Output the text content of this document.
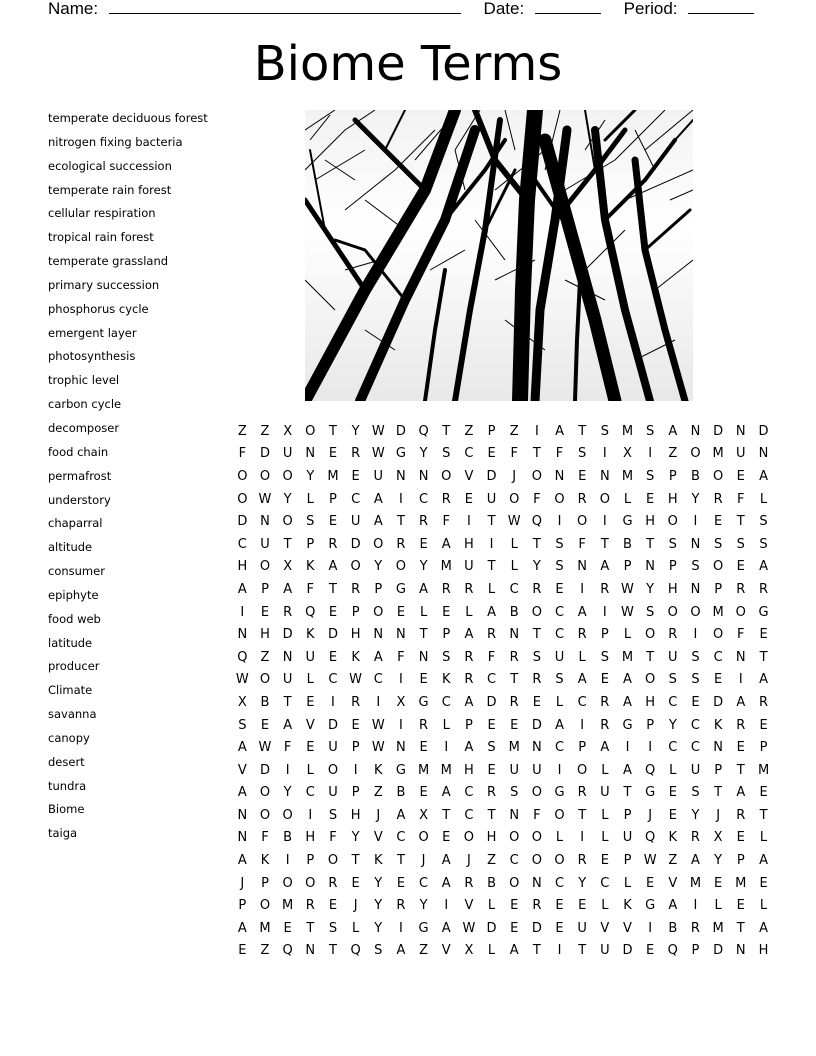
Name:	Date:	Period:
Biome Terms
temperate deciduous forest
nitrogen fixing bacteria
ecological succession
temperate rain forest
cellular respiration
tropical rain forest
temperate grassland
primary succession
phosphorus cycle
emergent layer
photosynthesis
trophic level
carbon cycle
decomposer
food chain
permafrost
understory
chaparral
altitude
consumer
epiphyte
food web
latitude
producer
Climate
savanna
canopy
desert
tundra
Biome
taiga
Z	Z	X	O	T	Y	W	D	Q	T	Z	P	Z	I	A	T	S	M	S	A	N	D	N	D
F	D	U	N	E	R	W	G	Y	S	C	E	F	T	F	S	I	X	I	Z	O	M	U	N
O	O	O	Y	M	E	U	N	N	O	V	D	J	O	N	E	N	M	S	P	B	O	E	A
O	W	Y	L	P	C	A	I	C	R	E	U	O	F	O	R	O	L	E	H	Y	R	F	L
D	N	O	S	E	U	A	T	R	F	I	T	W	Q	I	O	I	G	H	O	I	E	T	S
C	U	T	P	R	D	O	R	E	A	H	I	L	T	S	F	T	B	T	S	N	S	S	S
H	O	X	K	A	O	Y	O	Y	M	U	T	L	Y	S	N	A	P	N	P	S	O	E	A
A	P	A	F	T	R	P	G	A	R	R	L	C	R	E	I	R	W	Y	H	N	P	R	R
I	E	R	Q	E	P	O	E	L	E	L	A	B	O	C	A	I	W	S	O	O	M	O	G
N	H	D	K	D	H	N	N	T	P	A	R	N	T	C	R	P	L	O	R	I	O	F	E
Q	Z	N	U	E	K	A	F	N	S	R	F	R	S	U	L	S	M	T	U	S	C	N	T
W	O	U	L	C	W	C	I	E	K	R	C	T	R	S	A	E	A	O	S	S	E	I	A
X	B	T	E	I	R	I	X	G	C	A	D	R	E	L	C	R	A	H	C	E	D	A	R
S	E	A	V	D	E	W	I	R	L	P	E	E	D	A	I	R	G	P	Y	C	K	R	E
A	W	F	E	U	P	W	N	E	I	A	S	M	N	C	P	A	I	I	C	C	N	E	P
V	D	I	L	O	I	K	G	M	M	H	E	U	U	I	O	L	A	Q	L	U	P	T	M
A	O	Y	C	U	P	Z	B	E	A	C	R	S	O	G	R	U	T	G	E	S	T	A	E
N	O	O	I	S	H	J	A	X	T	C	T	N	F	O	T	L	P	J	E	Y	J	R	T
N	F	B	H	F	Y	V	C	O	E	O	H	O	O	L	I	L	U	Q	K	R	X	E	L
A	K	I	P	O	T	K	T	J	A	J	Z	C	O	O	R	E	P	W	Z	A	Y	P	A
J	P	O	O	R	E	Y	E	C	A	R	B	O	N	C	Y	C	L	E	V	M	E	M	E
P	O	M	R	E	J	Y	R	Y	I	V	L	E	R	E	E	L	K	G	A	I	L	E	L
A	M	E	T	S	L	Y	I	G	A	W	D	E	D	E	U	V	V	I	B	R	M	T	A
E	Z	Q	N	T	Q	S	A	Z	V	X	L	A	T	I	T	U	D	E	Q	P	D	N	H
